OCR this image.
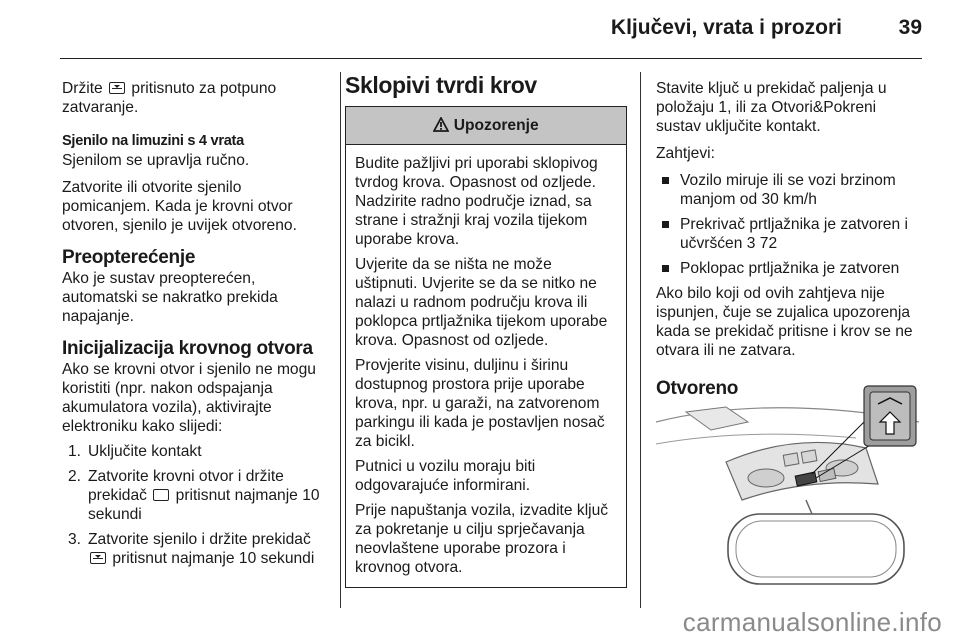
Ključevi, vrata i prozori	39

Držite pritisnuto za potpuno zatvaranje.

Sjenilo na limuzini s 4 vrata

Sjenilom se upravlja ručno.

Zatvorite ili otvorite sjenilo pomicanjem. Kada je krovni otvor otvoren, sjenilo je uvijek otvoreno.

Preopterećenje

Ako je sustav preopterećen, automatski se nakratko prekida napajanje.

Inicijalizacija krovnog otvora

Ako se krovni otvor i sjenilo ne mogu koristiti (npr. nakon odspajanja akumulatora vozila), aktivirajte elektroniku kako slijedi:

1. Uključite kontakt
2. Zatvorite krovni otvor i držite prekidač pritisnut najmanje 10 sekundi
3. Zatvorite sjenilo i držite prekidač  pritisnut najmanje 10 sekundi
Sklopivi tvrdi krov
Upozorenje

Budite pažljivi pri uporabi sklopivog tvrdog krova. Opasnost od ozljede. Nadzirite radno područje iznad, sa strane i stražnji kraj vozila tijekom uporabe krova.

Uvjerite da se ništa ne može uštipnuti. Uvjerite se da se nitko ne nalazi u radnom području krova ili poklopca prtljažnika tijekom uporabe krova. Opasnost od ozljede.

Provjerite visinu, duljinu i širinu dostupnog prostora prije uporabe krova, npr. u garaži, na zatvorenom parkingu ili kada je postavljen nosač za bicikl.

Putnici u vozilu moraju biti odgovarajuće informirani.

Prije napuštanja vozila, izvadite ključ za pokretanje u cilju sprječavanja neovlaštene uporabe prozora i krovnog otvora.

Stavite ključ u prekidač paljenja u položaju 1, ili za Otvori&Pokreni sustav uključite kontakt.

Zahtjevi:

Vozilo miruje ili se vozi brzinom manjom od 30 km/h
Prekrivač prtljažnika je zatvoren i učvršćen 3 72
Poklopac prtljažnika je zatvoren

Ako bilo koji od ovih zahtjeva nije ispunjen, čuje se zujalica upozorenja kada se prekidač pritisne i krov se ne otvara ili ne zatvara.

Otvoreno
carmanualsonline.info
